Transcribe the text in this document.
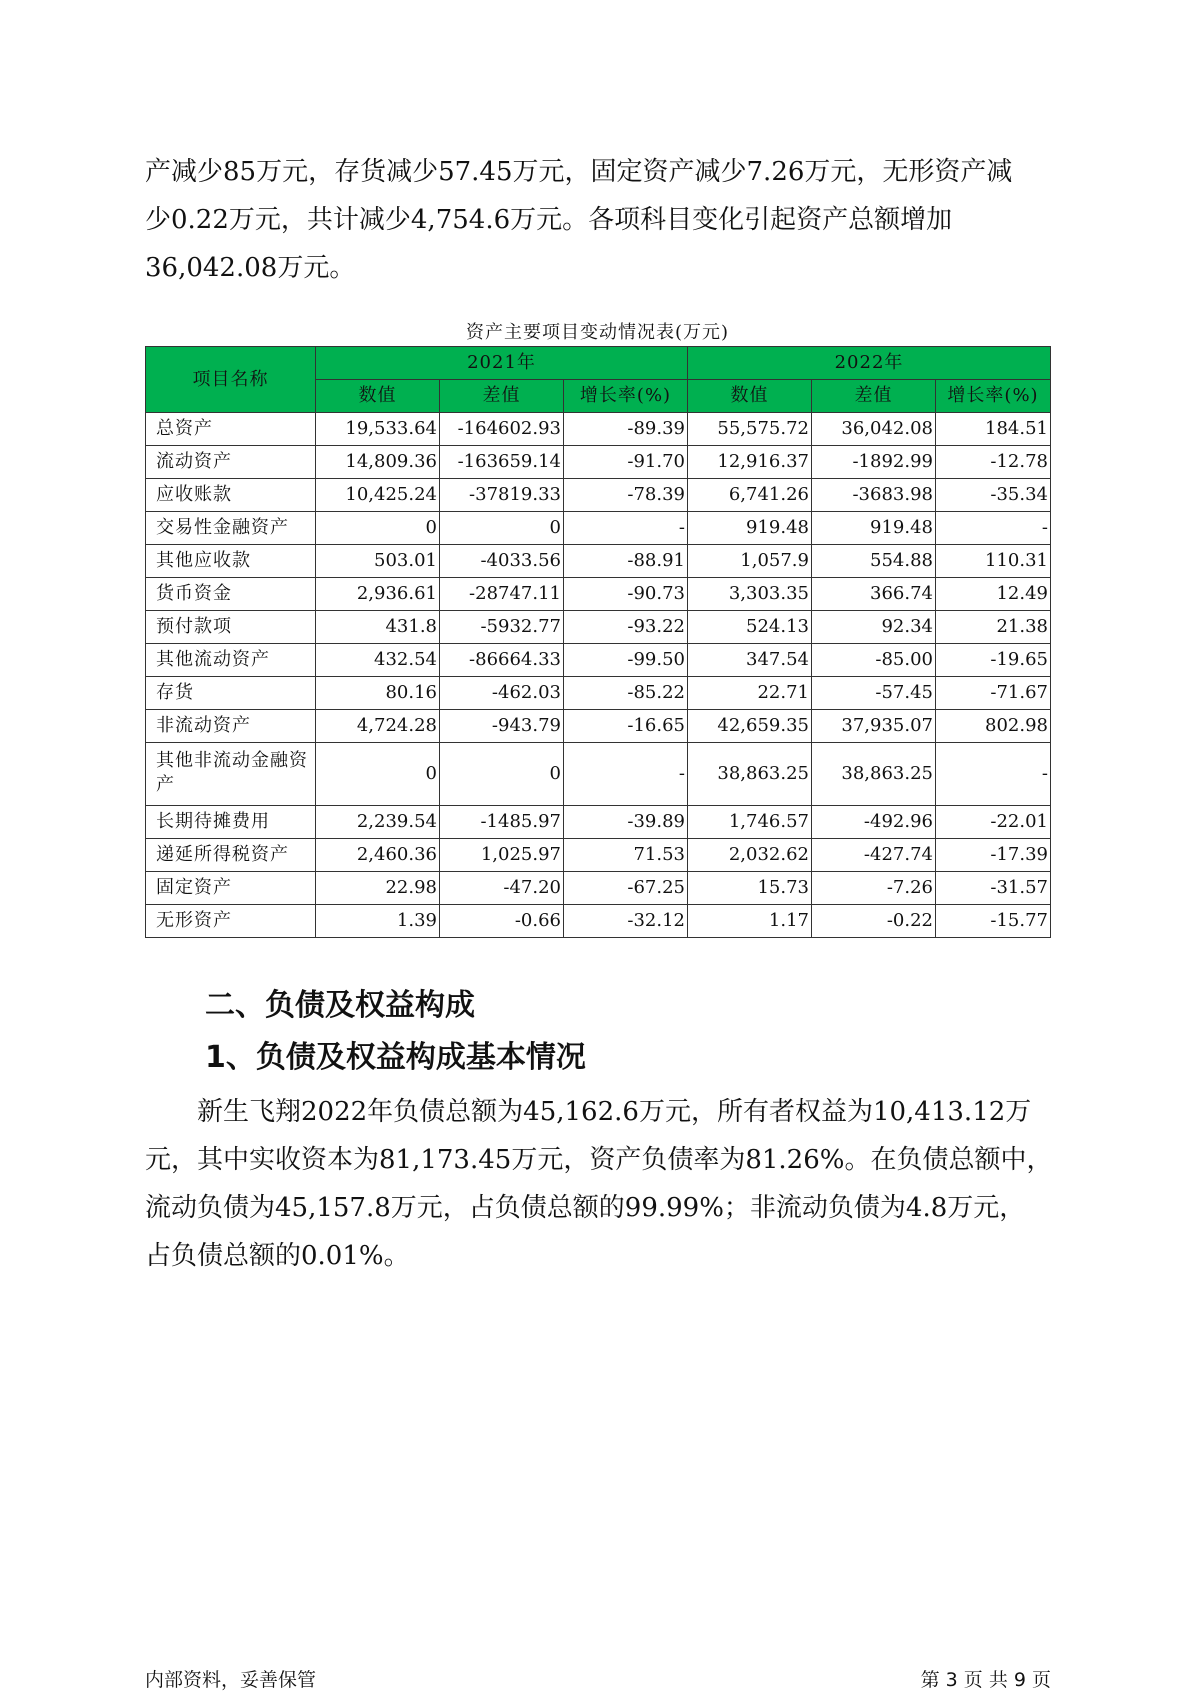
产减少85万元，存货减少57.45万元，固定资产减少7.26万元，无形资产减
少0.22万元，共计减少4,754.6万元。各项科目变化引起资产总额增加
36,042.08万元。
资产主要项目变动情况表(万元)
项目名称	2021年			2022年		
	数值	差值	增长率(%)	数值	差值	增长率(%)
总资产	19,533.64	-164602.93	-89.39	55,575.72	36,042.08	184.51
流动资产	14,809.36	-163659.14	-91.70	12,916.37	-1892.99	-12.78
应收账款	10,425.24	-37819.33	-78.39	6,741.26	-3683.98	-35.34
交易性金融资产	0	0	-	919.48	919.48	-
其他应收款	503.01	-4033.56	-88.91	1,057.9	554.88	110.31
货币资金	2,936.61	-28747.11	-90.73	3,303.35	366.74	12.49
预付款项	431.8	-5932.77	-93.22	524.13	92.34	21.38
其他流动资产	432.54	-86664.33	-99.50	347.54	-85.00	-19.65
存货	80.16	-462.03	-85.22	22.71	-57.45	-71.67
非流动资产	4,724.28	-943.79	-16.65	42,659.35	37,935.07	802.98
其他非流动金融资产	0	0	-	38,863.25	38,863.25	-
长期待摊费用	2,239.54	-1485.97	-39.89	1,746.57	-492.96	-22.01
递延所得税资产	2,460.36	1,025.97	71.53	2,032.62	-427.74	-17.39
固定资产	22.98	-47.20	-67.25	15.73	-7.26	-31.57
无形资产	1.39	-0.66	-32.12	1.17	-0.22	-15.77
二、负债及权益构成
1、负债及权益构成基本情况
新生飞翔2022年负债总额为45,162.6万元，所有者权益为10,413.12万
元，其中实收资本为81,173.45万元，资产负债率为81.26%。在负债总额中，
流动负债为45,157.8万元，占负债总额的99.99%；非流动负债为4.8万元，
占负债总额的0.01%。
内部资料，妥善保管	第 3 页 共 9 页
